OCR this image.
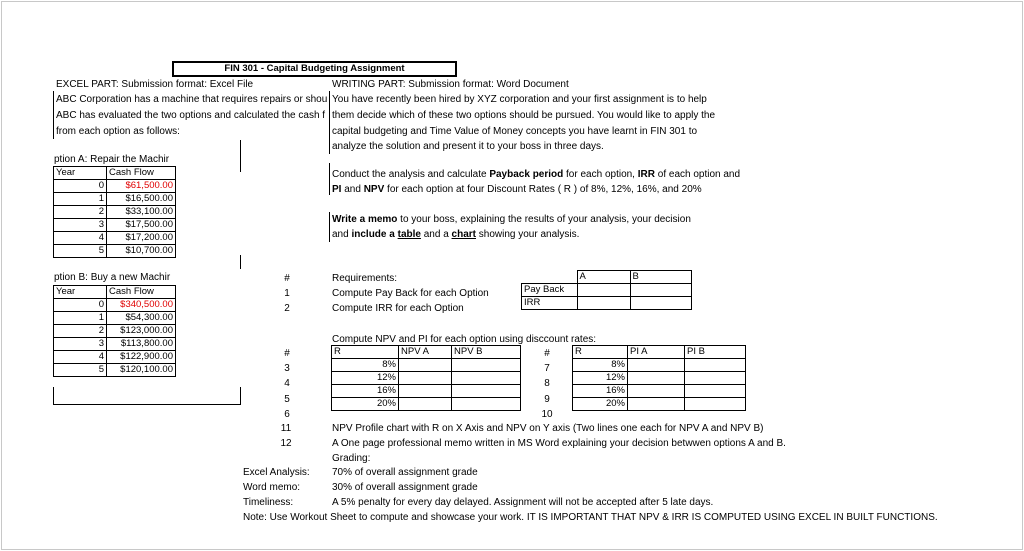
FIN 301 - Capital Budgeting Assignment
EXCEL PART: Submission format: Excel File
ABC Corporation has a machine that requires repairs or shou
ABC has evaluated the two options and calculated the cash f
from each option as follows:
WRITING PART: Submission format: Word Document
You have recently been hired by XYZ corporation and your first assignment is to help
them decide which of these two options should be pursued. You would like to apply the
capital budgeting and Time Value of Money concepts you have learnt in FIN 301 to
analyze the solution and present it to your boss in three days.
Conduct the analysis and calculate Payback period for each option, IRR of each option and
PI and NPV for each option at four Discount Rates ( R ) of 8%, 12%, 16%, and 20%
Write a memo to your boss, explaining the results of your analysis, your decision
and include a table and a chart showing your analysis.
ption A: Repair the Machir
Year	Cash Flow
0	$61,500.00
1	$16,500.00
2	$33,100.00
3	$17,500.00
4	$17,200.00
5	$10,700.00
ption B: Buy a new Machir
Year	Cash Flow
0	$340,500.00
1	$54,300.00
2	$123,000.00
3	$113,800.00
4	$122,900.00
5	$120,100.00
#	Requirements:
1	Compute Pay Back for each Option
2	Compute IRR for each Option
	A	B
Pay Back		
IRR		
Compute NPV and PI for each option using disccount rates:
#
3
4
5
6
R	NPV A	NPV B
8%		
12%		
16%		
20%		
#
7
8
9
10
R	PI A	PI B
8%		
12%		
16%		
20%		
11	NPV Profile chart with R on X Axis and NPV on Y axis (Two lines one each for NPV A and NPV B)
12	A One page professional memo written in MS Word explaining your decision betwwen options A and B.
Grading:
Excel Analysis: 70% of overall assignment grade
Word memo:	30% of overall assignment grade
Timeliness:	A 5% penalty for every day delayed. Assignment will not be accepted after 5 late days.
Note: Use Workout Sheet to compute and showcase your work. IT IS IMPORTANT THAT NPV & IRR IS COMPUTED USING EXCEL IN BUILT FUNCTIONS.
